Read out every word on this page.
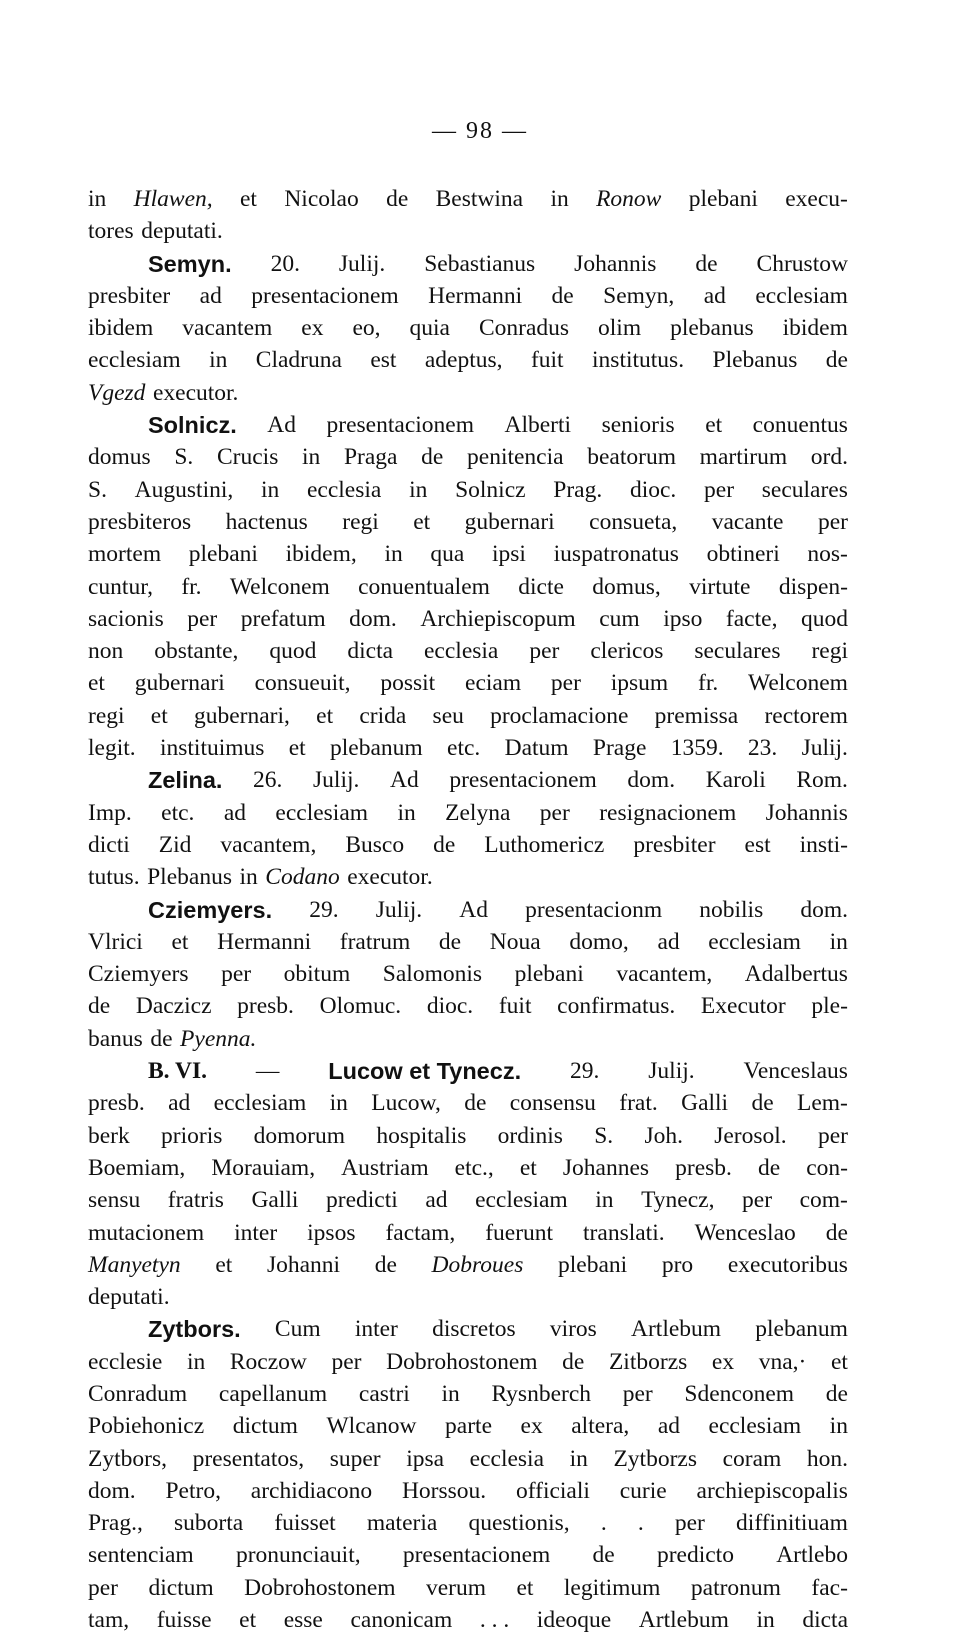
— 98 —
in Hlawen, et Nicolao de Bestwina in Ronow plebani execu-
tores deputati.
Semyn. 20. Julij. Sebastianus Johannis de Chrustow
presbiter ad presentacionem Hermanni de Semyn, ad ecclesiam
ibidem vacantem ex eo, quia Conradus olim plebanus ibidem
ecclesiam in Cladruna est adeptus, fuit institutus. Plebanus de
Vgezd executor.
Solnicz. Ad presentacionem Alberti senioris et conuentus
domus S. Crucis in Praga de penitencia beatorum martirum ord.
S. Augustini, in ecclesia in Solnicz Prag. dioc. per seculares
presbiteros hactenus regi et gubernari consueta, vacante per
mortem plebani ibidem, in qua ipsi iuspatronatus obtineri nos-
cuntur, fr. Welconem conuentualem dicte domus, virtute dispen-
sacionis per prefatum dom. Archiepiscopum cum ipso facte, quod
non obstante, quod dicta ecclesia per clericos seculares regi
et gubernari consueuit, possit eciam per ipsum fr. Welconem
regi et gubernari, et crida seu proclamacione premissa rectorem
legit. instituimus et plebanum etc. Datum Prage 1359. 23. Julij.
Zelina. 26. Julij. Ad presentacionem dom. Karoli Rom.
Imp. etc. ad ecclesiam in Zelyna per resignacionem Johannis
dicti Zid vacantem, Busco de Luthomericz presbiter est insti-
tutus. Plebanus in Codano executor.
Cziemyers. 29. Julij. Ad presentacionm nobilis dom.
Vlrici et Hermanni fratrum de Noua domo, ad ecclesiam in
Cziemyers per obitum Salomonis plebani vacantem, Adalbertus
de Daczicz presb. Olomuc. dioc. fuit confirmatus. Executor ple-
banus de Pyenna.
B. VI. — Lucow et Tynecz. 29. Julij. Venceslaus
presb. ad ecclesiam in Lucow, de consensu frat. Galli de Lem-
berk prioris domorum hospitalis ordinis S. Joh. Jerosol. per
Boemiam, Morauiam, Austriam etc., et Johannes presb. de con-
sensu fratris Galli predicti ad ecclesiam in Tynecz, per com-
mutacionem inter ipsos factam, fuerunt translati. Wenceslao de
Manyetyn et Johanni de Dobroues plebani pro executoribus
deputati.
Zytbors. Cum inter discretos viros Artlebum plebanum
ecclesie in Roczow per Dobrohostonem de Zitborzs ex vna,· et
Conradum capellanum castri in Rysnberch per Sdenconem de
Pobiehonicz dictum Wlcanow parte ex altera, ad ecclesiam in
Zytbors, presentatos, super ipsa ecclesia in Zytborzs coram hon.
dom. Petro, archidiacono Horssou. officiali curie archiepiscopalis
Prag., suborta fuisset materia questionis, . . per diffinitiuam
sentenciam pronunciauit, presentacionem de predicto Artlebo
per dictum Dobrohostonem verum et legitimum patronum fac-
tam, fuisse et esse canonicam . . . ideoque Artlebum in dicta
